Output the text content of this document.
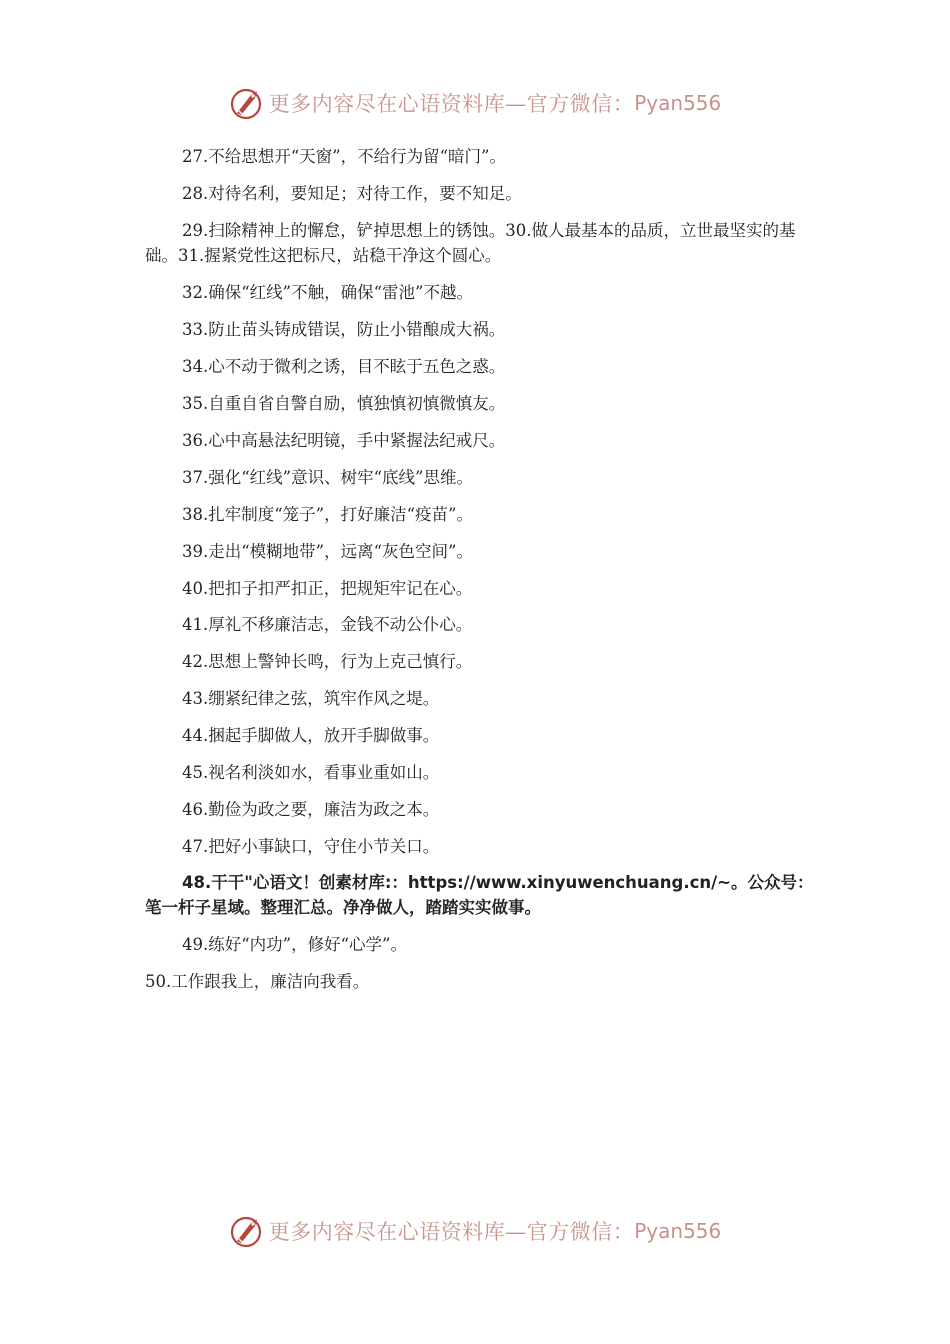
更多内容尽在心语资料库—官方微信： Pyan556
27.不给思想开“天窗”，不给行为留“暗门”。
28.对待名利，要知足；对待工作，要不知足。
29.扫除精神上的懈怠，铲掉思想上的锈蚀。30.做人最基本的品质，立世最坚实的基础。31.握紧党性这把标尺，站稳干净这个圆心。
32.确保“红线”不触，确保“雷池”不越。
33.防止苗头铸成错误，防止小错酿成大祸。
34.心不动于微利之诱，目不眩于五色之惑。
35.自重自省自警自励，慎独慎初慎微慎友。
36.心中高悬法纪明镜，手中紧握法纪戒尺。
37.强化“红线”意识、树牢“底线”思维。
38.扎牢制度“笼子”，打好廉洁“疫苗”。
39.走出“模糊地带”，远离“灰色空间”。
40.把扣子扣严扣正，把规矩牢记在心。
41.厚礼不移廉洁志，金钱不动公仆心。
42.思想上警钟长鸣，行为上克己慎行。
43.绷紧纪律之弦，筑牢作风之堤。
44.捆起手脚做人，放开手脚做事。
45.视名利淡如水，看事业重如山。
46.勤俭为政之要，廉洁为政之本。
47.把好小事缺口，守住小节关口。
48.干干"心语文！创素材库:：https://www.xinyuwenchuang.cn/~。公众号：笔一杆子星域。整理汇总。净净做人，踏踏实实做事。
49.练好“内功”，修好“心学”。
50.工作跟我上，廉洁向我看。
更多内容尽在心语资料库—官方微信： Pyan556
